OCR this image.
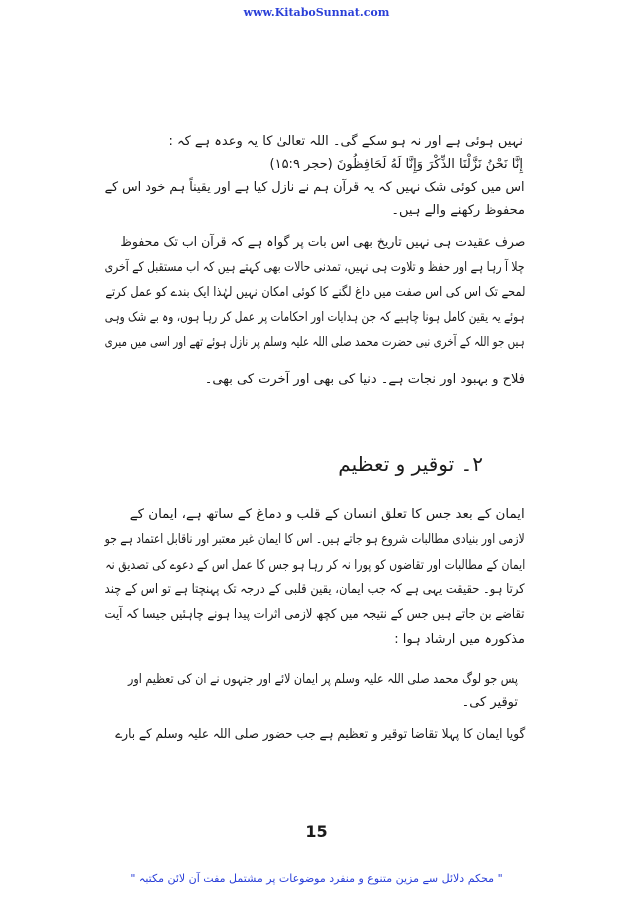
www.KitaboSunnat.com
نہیں ہوئی ہے اور نہ ہو سکے گی۔ اللہ تعالیٰ کا یہ وعدہ ہے کہ :
إِنَّا نَحْنُ نَزَّلْنَا الذِّكْرَ وَإِنَّا لَهُ لَحَافِظُونَ (حجر ۱۵:۹)
اس میں کوئی شک نہیں کہ یہ قرآن ہم نے نازل کیا ہے اور یقیناً ہم خود اس کے
محفوظ رکھنے والے ہیں۔
صرف عقیدت ہی نہیں تاریخ بھی اس بات پر گواہ ہے کہ قرآن اب تک محفوظ
چلا آ رہا ہے اور حفظ و تلاوت ہی نہیں، تمدنی حالات بھی کہتے ہیں کہ اب مستقبل کے آخری
لمحے تک اس کی اس صفت میں داغ لگنے کا کوئی امکان نہیں لہٰذا ایک بندے کو عمل کرتے
ہوئے یہ یقین کامل ہونا چاہیے کہ جن ہدایات اور احکامات پر عمل کر رہا ہوں، وہ بے شک وہی
ہیں جو اللہ کے آخری نبی حضرت محمد صلی اللہ علیہ وسلم پر نازل ہوئے تھے اور اسی میں میری
فلاح و بہبود اور نجات ہے۔ دنیا کی بھی اور آخرت کی بھی۔
۲۔ توقیر و تعظیم
ایمان کے بعد جس کا تعلق انسان کے قلب و دماغ کے ساتھ ہے، ایمان کے
لازمی اور بنیادی مطالبات شروع ہو جاتے ہیں۔ اس کا ایمان غیر معتبر اور ناقابل اعتماد ہے جو
ایمان کے مطالبات اور تقاضوں کو پورا نہ کر رہا ہو جس کا عمل اس کے دعوے کی تصدیق نہ
کرتا ہو۔ حقیقت یہی ہے کہ جب ایمان، یقین قلبی کے درجہ تک پہنچتا ہے تو اس کے چند
تقاضے بن جاتے ہیں جس کے نتیجہ میں کچھ لازمی اثرات پیدا ہونے چاہئیں جیسا کہ آیت
مذکورہ میں ارشاد ہوا :
پس جو لوگ محمد صلی اللہ علیہ وسلم پر ایمان لائے اور جنہوں نے ان کی تعظیم اور
توقیر کی۔
گویا ایمان کا پہلا تقاضا توقیر و تعظیم ہے جب حضور صلی اللہ علیہ وسلم کے بارے
15
" محکم دلائل سے مزین متنوع و منفرد موضوعات پر مشتمل مفت آن لائن مکتبہ "
